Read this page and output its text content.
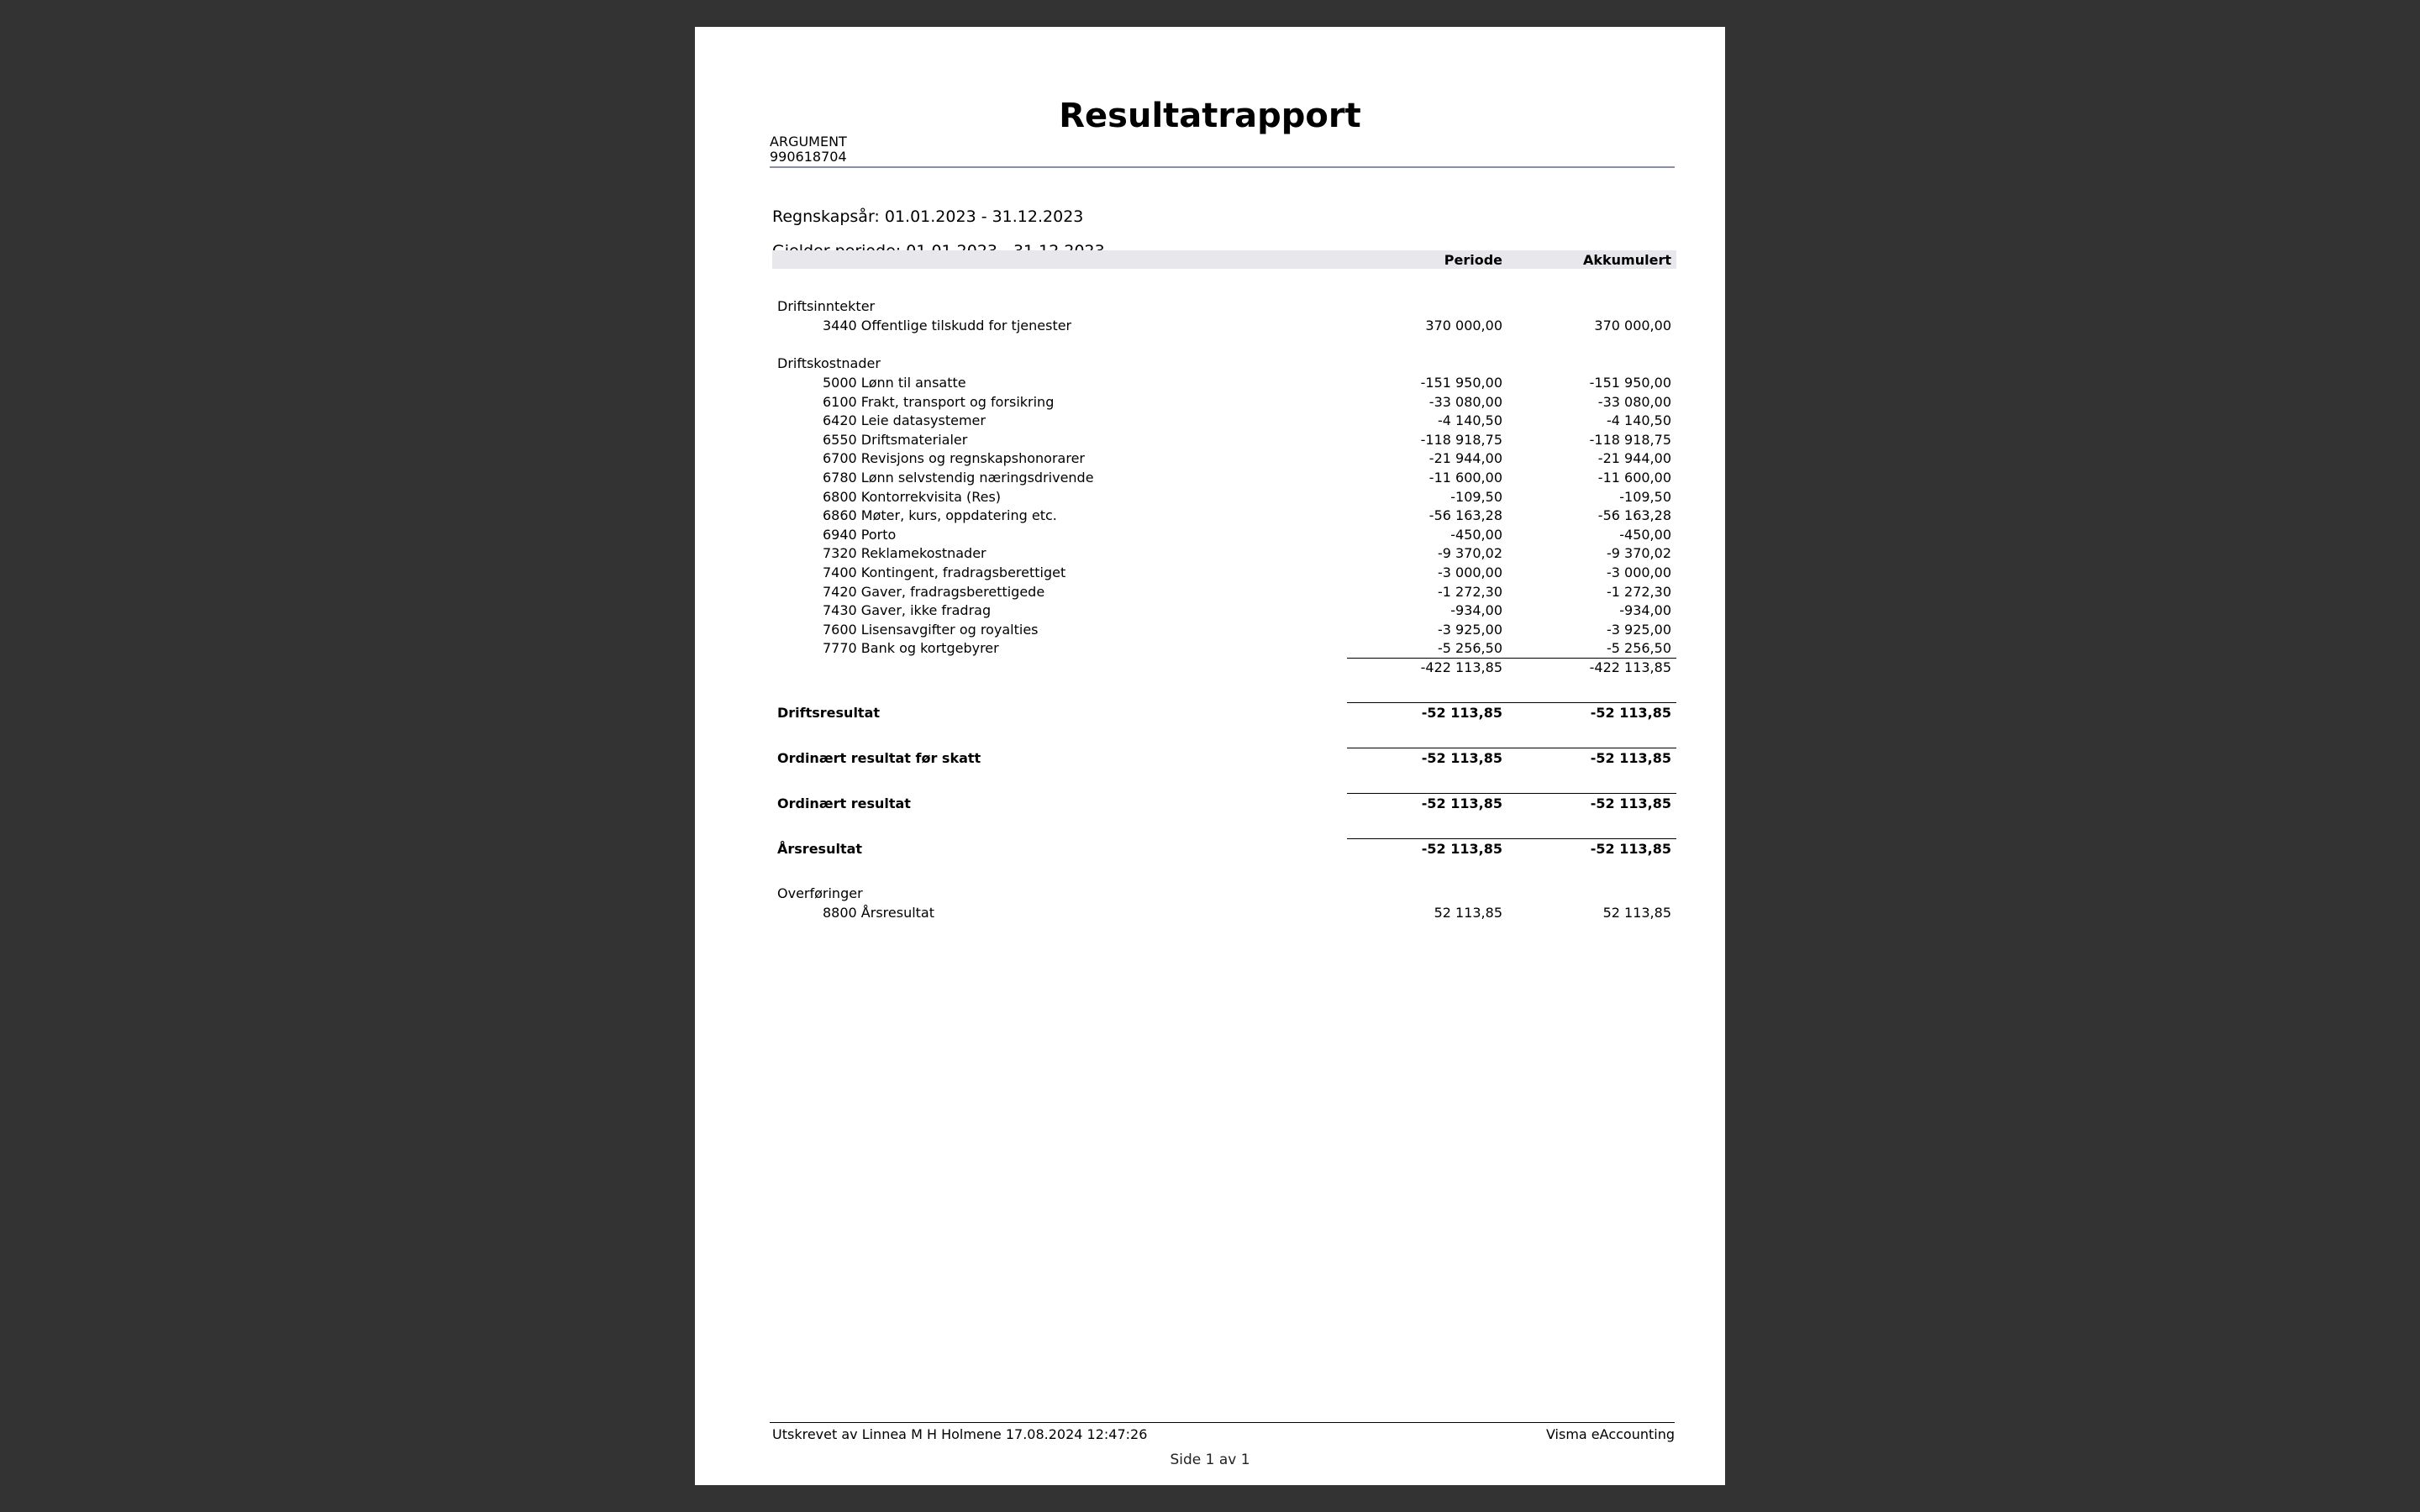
Resultatrapport
ARGUMENT
990618704
Regnskapsår: 01.01.2023 - 31.12.2023
Periode	Akkumulert
Driftsinntekter
3440 Offentlige tilskudd for tjenester	370 000,00	370 000,00
Driftskostnader
5000 Lønn til ansatte	-151 950,00	-151 950,00
6100 Frakt, transport og forsikring	-33 080,00	-33 080,00
6420 Leie datasystemer	-4 140,50	-4 140,50
6550 Driftsmaterialer	-118 918,75	-118 918,75
6700 Revisjons og regnskapshonorarer	-21 944,00	-21 944,00
6780 Lønn selvstendig næringsdrivende	-11 600,00	-11 600,00
6800 Kontorrekvisita (Res)	-109,50	-109,50
6860 Møter, kurs, oppdatering etc.	-56 163,28	-56 163,28
6940 Porto	-450,00	-450,00
7320 Reklamekostnader	-9 370,02	-9 370,02
7400 Kontingent, fradragsberettiget	-3 000,00	-3 000,00
7420 Gaver, fradragsberettigede	-1 272,30	-1 272,30
7430 Gaver, ikke fradrag	-934,00	-934,00
7600 Lisensavgifter og royalties	-3 925,00	-3 925,00
7770 Bank og kortgebyrer	-5 256,50	-5 256,50
-422 113,85	-422 113,85
Driftsresultat	-52 113,85	-52 113,85
Ordinært resultat før skatt	-52 113,85	-52 113,85
Ordinært resultat	-52 113,85	-52 113,85
Årsresultat	-52 113,85	-52 113,85
Overføringer
8800 Årsresultat	52 113,85	52 113,85
Utskrevet av Linnea M H Holmene 17.08.2024 12:47:26	Visma eAccounting
Side 1 av 1
